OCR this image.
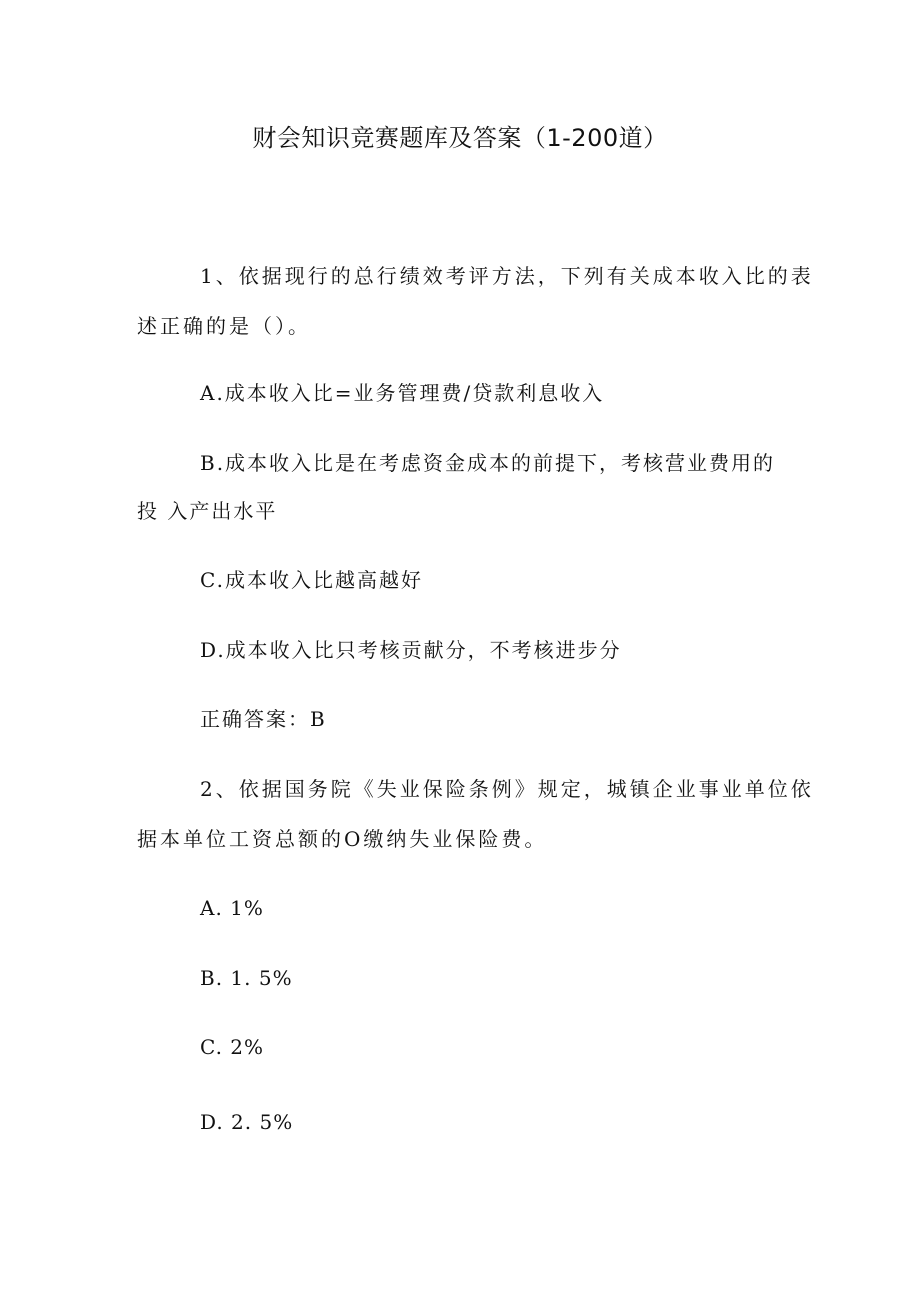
财会知识竞赛题库及答案（1-200道）

1、依据现行的总行绩效考评方法，下列有关成本收入比的表

述正确的是（）。

A.成本收入比=业务管理费/贷款利息收入

B.成本收入比是在考虑资金成本的前提下，考核营业费用的

投 入产出水平

C.成本收入比越高越好

D.成本收入比只考核贡献分，不考核进步分

正确答案：B

2、依据国务院《失业保险条例》规定，城镇企业事业单位依

据本单位工资总额的O缴纳失业保险费。

A. 1%

B. 1. 5%

C. 2%

D. 2. 5%
